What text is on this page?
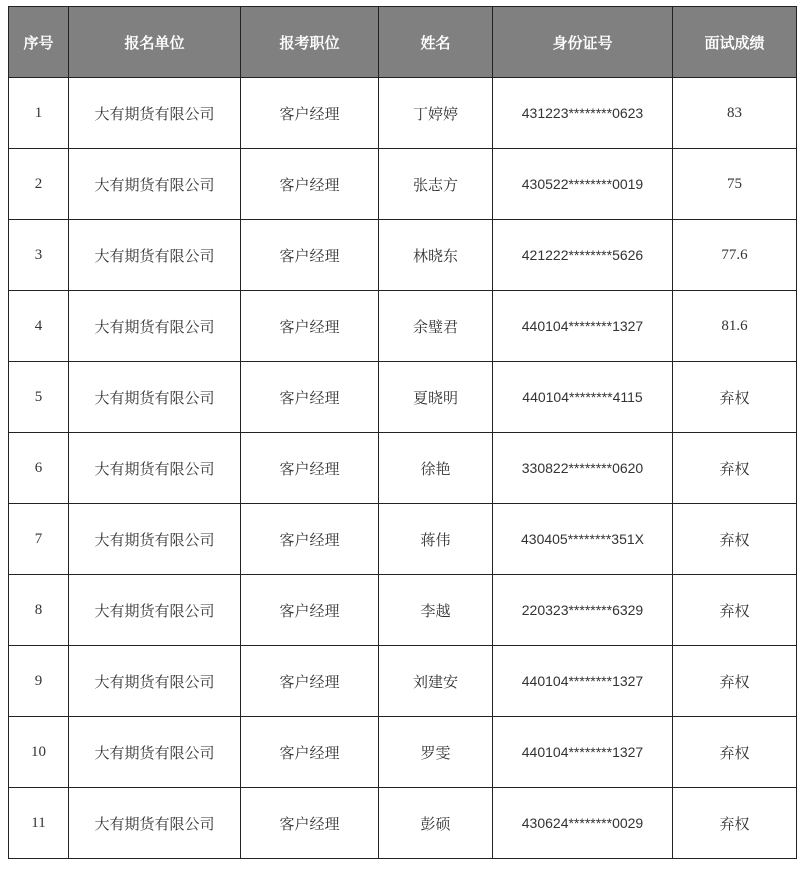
序号	报名单位	报考职位	姓名	身份证号	面试成绩
1	大有期货有限公司	客户经理	丁婷婷	431223********0623	83
2	大有期货有限公司	客户经理	张志方	430522********0019	75
3	大有期货有限公司	客户经理	林晓东	421222********5626	77.6
4	大有期货有限公司	客户经理	余璧君	440104********1327	81.6
5	大有期货有限公司	客户经理	夏晓明	440104********4115	弃权
6	大有期货有限公司	客户经理	徐艳	330822********0620	弃权
7	大有期货有限公司	客户经理	蒋伟	430405********351X	弃权
8	大有期货有限公司	客户经理	李越	220323********6329	弃权
9	大有期货有限公司	客户经理	刘建安	440104********1327	弃权
10	大有期货有限公司	客户经理	罗雯	440104********1327	弃权
11	大有期货有限公司	客户经理	彭硕	430624********0029	弃权
